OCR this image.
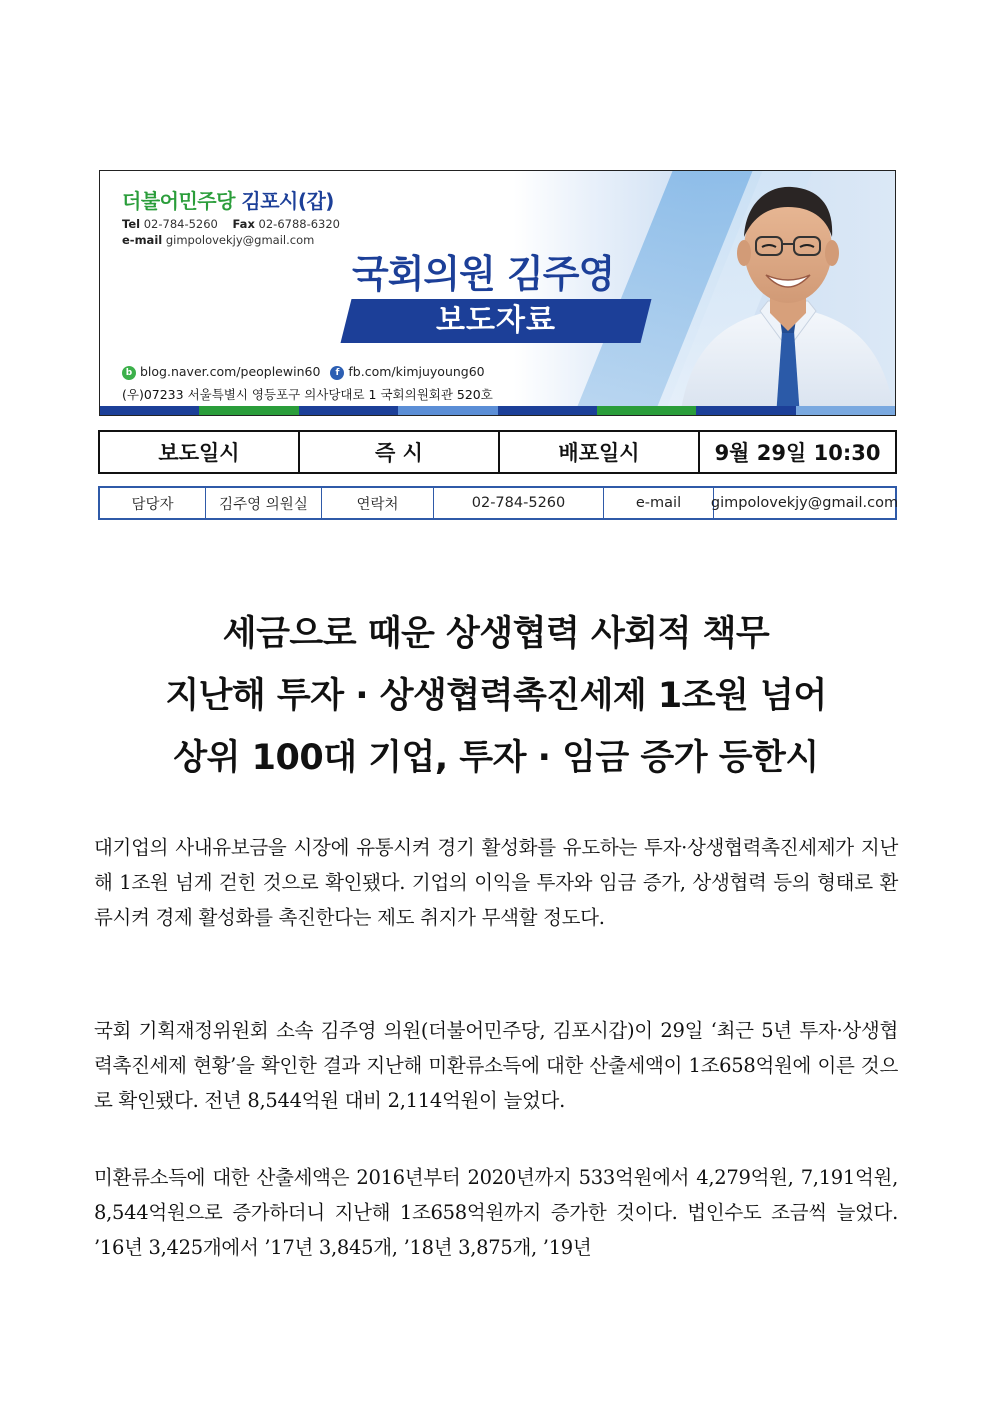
더불어민주당 김포시(갑)
Tel 02-784-5260 Fax 02-6788-6320
e-mail gimpolovekjy@gmail.com
국회의원 김주영
보도자료
b blog.naver.com/peoplewin60	f fb.com/kimjuyoung60
(우)07233 서울특별시 영등포구 의사당대로 1 국회의원회관 520호
보도일시	즉 시	배포일시	9월 29일 10:30
담당자	김주영 의원실	연락처	02-784-5260	e-mail	gimpolovekjy@gmail.com
세금으로 때운 상생협력 사회적 책무
지난해 투자 · 상생협력촉진세제 1조원 넘어
상위 100대 기업, 투자 · 임금 증가 등한시
대기업의 사내유보금을 시장에 유통시켜 경기 활성화를 유도하는 투자·상생협력촉진세제가 지난해 1조원 넘게 걷힌 것으로 확인됐다. 기업의 이익을 투자와 임금 증가, 상생협력 등의 형태로 환류시켜 경제 활성화를 촉진한다는 제도 취지가 무색할 정도다.
국회 기획재정위원회 소속 김주영 의원(더불어민주당, 김포시갑)이 29일 ‘최근 5년 투자·상생협력촉진세제 현황’을 확인한 결과 지난해 미환류소득에 대한 산출세액이 1조658억원에 이른 것으로 확인됐다. 전년 8,544억원 대비 2,114억원이 늘었다.
미환류소득에 대한 산출세액은 2016년부터 2020년까지 533억원에서 4,279억원, 7,191억원, 8,544억원으로 증가하더니 지난해 1조658억원까지 증가한 것이다. 법인수도 조금씩 늘었다. ’16년 3,425개에서 ’17년 3,845개, ’18년 3,875개, ’19년
